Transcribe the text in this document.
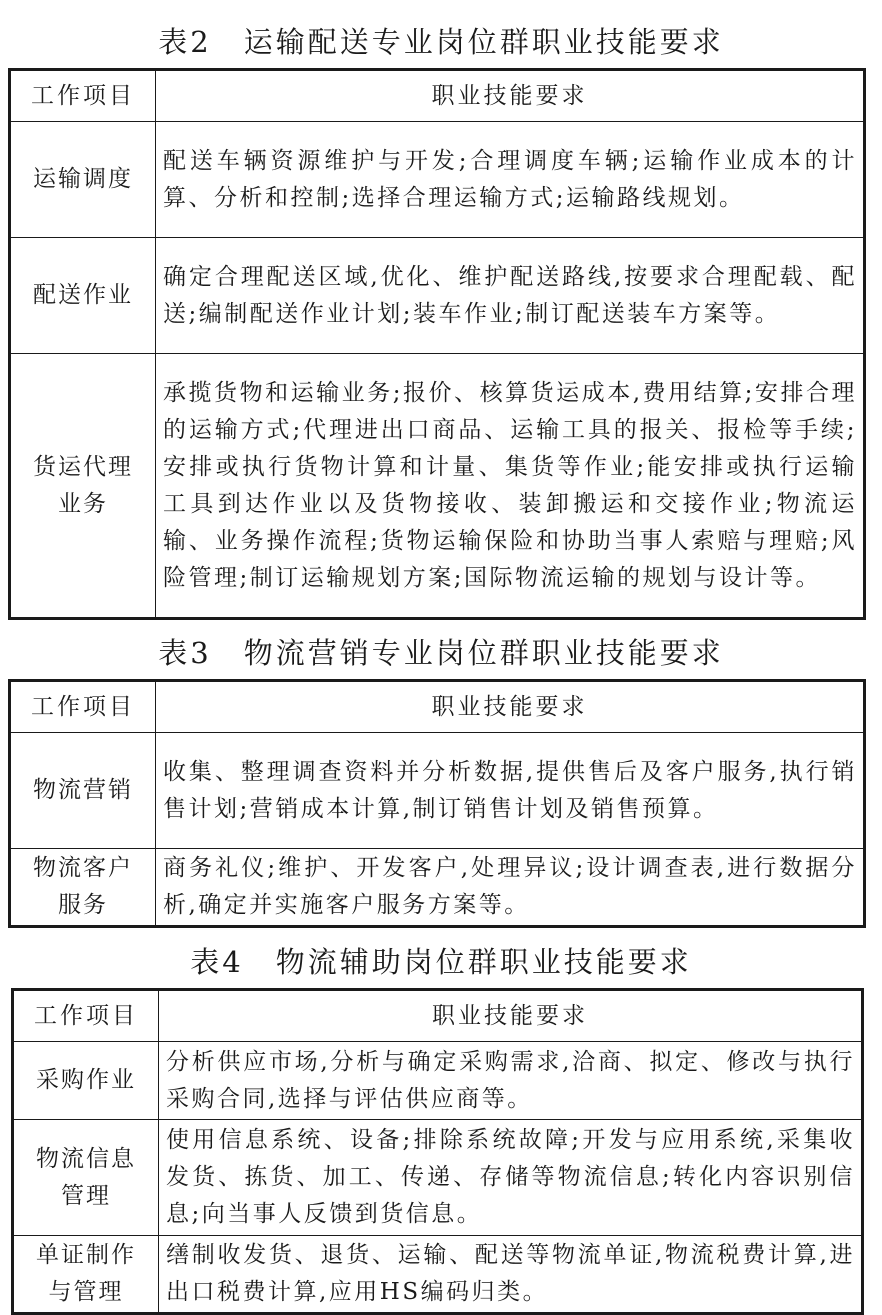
表2　运输配送专业岗位群职业技能要求
工作项目	职业技能要求
运输调度	配送车辆资源维护与开发;合理调度车辆;运输作业成本的计算、分析和控制;选择合理运输方式;运输路线规划。
配送作业	确定合理配送区域,优化、维护配送路线,按要求合理配载、配送;编制配送作业计划;装车作业;制订配送装车方案等。
货运代理业务	承揽货物和运输业务;报价、核算货运成本,费用结算;安排合理的运输方式;代理进出口商品、运输工具的报关、报检等手续;安排或执行货物计算和计量、集货等作业;能安排或执行运输工具到达作业以及货物接收、装卸搬运和交接作业;物流运输、业务操作流程;货物运输保险和协助当事人索赔与理赔;风险管理;制订运输规划方案;国际物流运输的规划与设计等。
表3　物流营销专业岗位群职业技能要求
工作项目	职业技能要求
物流营销	收集、整理调查资料并分析数据,提供售后及客户服务,执行销售计划;营销成本计算,制订销售计划及销售预算。
物流客户服务	商务礼仪;维护、开发客户,处理异议;设计调查表,进行数据分析,确定并实施客户服务方案等。
表4　物流辅助岗位群职业技能要求
工作项目	职业技能要求
采购作业	分析供应市场,分析与确定采购需求,洽商、拟定、修改与执行采购合同,选择与评估供应商等。
物流信息管理	使用信息系统、设备;排除系统故障;开发与应用系统,采集收发货、拣货、加工、传递、存储等物流信息;转化内容识别信息;向当事人反馈到货信息。
单证制作与管理	缮制收发货、退货、运输、配送等物流单证,物流税费计算,进出口税费计算,应用HS编码归类。
